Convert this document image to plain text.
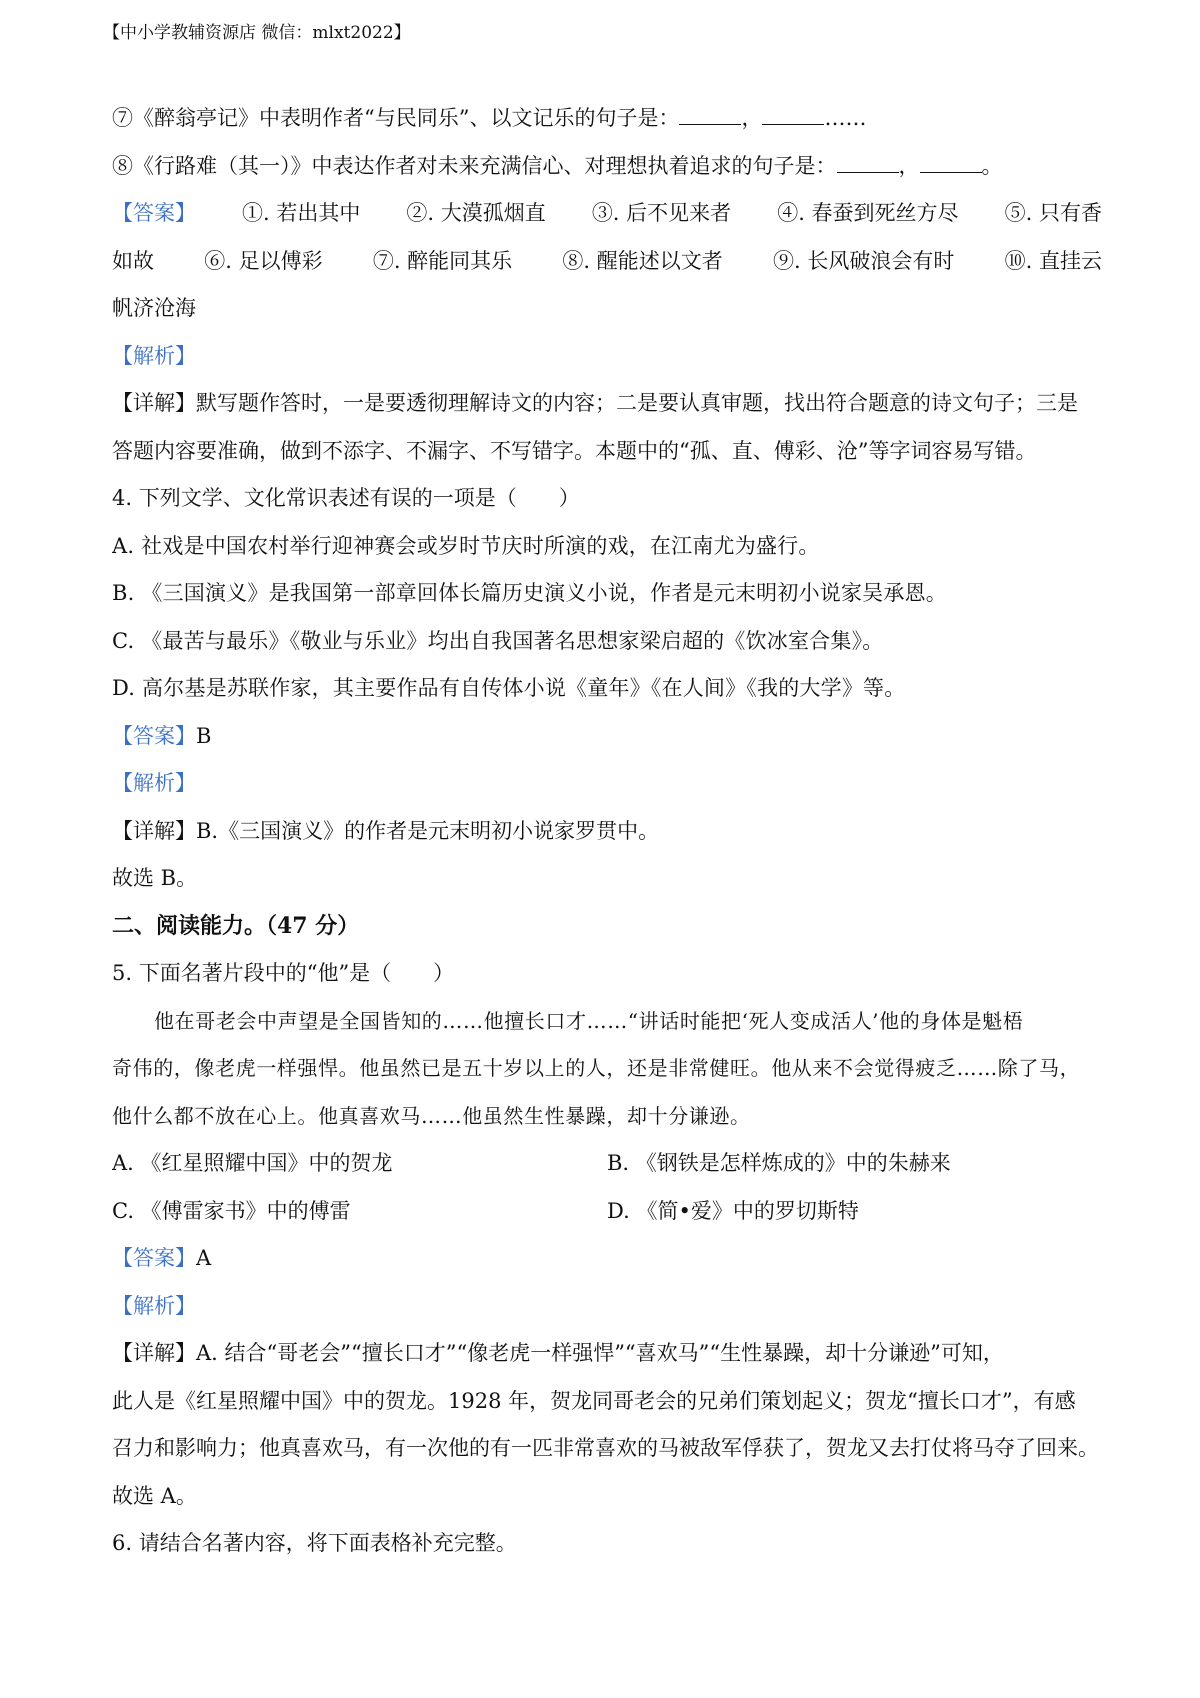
【中小学教辅资源店 微信：mlxt2022】
⑦《醉翁亭记》中表明作者“与民同乐”、以文记乐的句子是：	，	……
⑧《行路难（其一）》中表达作者对未来充满信心、对理想执着追求的句子是：	，	。
【答案】 ①. 若出其中 ②. 大漠孤烟直 ③. 后不见来者 ④. 春蚕到死丝方尽 ⑤. 只有香
如故 ⑥. 足以傅彩 ⑦. 醉能同其乐 ⑧. 醒能述以文者 ⑨. 长风破浪会有时 ⑩. 直挂云
帆济沧海
【解析】
【详解】默写题作答时，一是要透彻理解诗文的内容；二是要认真审题，找出符合题意的诗文句子；三是
答题内容要准确，做到不添字、不漏字、不写错字。本题中的“孤、直、傅彩、沧”等字词容易写错。
4. 下列文学、文化常识表述有误的一项是（　　）
A. 社戏是中国农村举行迎神赛会或岁时节庆时所演的戏，在江南尤为盛行。
B. 《三国演义》是我国第一部章回体长篇历史演义小说，作者是元末明初小说家吴承恩。
C. 《最苦与最乐》《敬业与乐业》均出自我国著名思想家梁启超的《饮冰室合集》。
D. 高尔基是苏联作家，其主要作品有自传体小说《童年》《在人间》《我的大学》等。
【答案】B
【解析】
【详解】B.《三国演义》的作者是元末明初小说家罗贯中。
故选 B。
二、阅读能力。（47 分）
5. 下面名著片段中的“他”是（　　）
他在哥老会中声望是全国皆知的……他擅长口才……“讲话时能把‘死人变成活人’他的身体是魁梧
奇伟的，像老虎一样强悍。他虽然已是五十岁以上的人，还是非常健旺。他从来不会觉得疲乏……除了马，
他什么都不放在心上。他真喜欢马……他虽然生性暴躁，却十分谦逊。
A. 《红星照耀中国》中的贺龙	B. 《钢铁是怎样炼成的》中的朱赫来
C. 《傅雷家书》中的傅雷	D. 《简•爱》中的罗切斯特
【答案】A
【解析】
【详解】A. 结合“哥老会”“擅长口才”“像老虎一样强悍”“喜欢马”“生性暴躁，却十分谦逊”可知，
此人是《红星照耀中国》中的贺龙。1928 年，贺龙同哥老会的兄弟们策划起义；贺龙“擅长口才”，有感
召力和影响力；他真喜欢马，有一次他的有一匹非常喜欢的马被敌军俘获了，贺龙又去打仗将马夺了回来。
故选 A。
6. 请结合名著内容，将下面表格补充完整。
